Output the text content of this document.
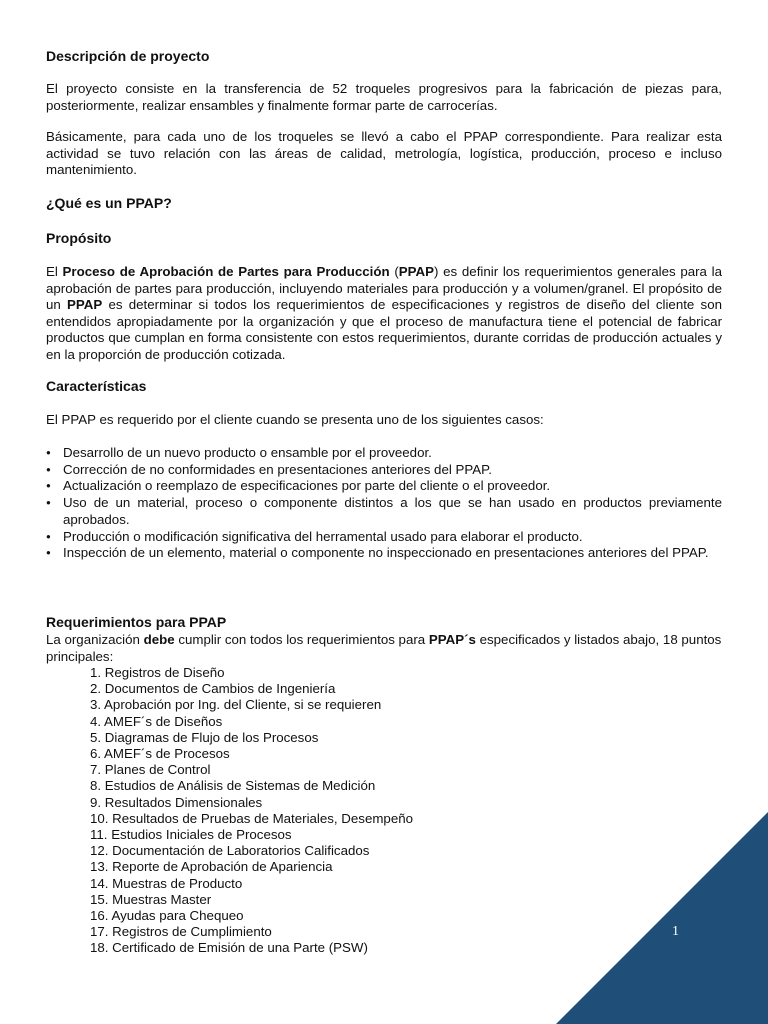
Descripción de proyecto

El proyecto consiste en la transferencia de 52 troqueles progresivos para la fabricación de piezas para, posteriormente, realizar ensambles y finalmente formar parte de carrocerías.

Básicamente, para cada uno de los troqueles se llevó a cabo el PPAP correspondiente. Para realizar esta actividad se tuvo relación con las áreas de calidad, metrología, logística, producción, proceso e incluso mantenimiento.

¿Qué es un PPAP?
Propósito

El Proceso de Aprobación de Partes para Producción (PPAP) es definir los requerimientos generales para la aprobación de partes para producción, incluyendo materiales para producción y a volumen/granel. El propósito de un PPAP es determinar si todos los requerimientos de especificaciones y registros de diseño del cliente son entendidos apropiadamente por la organización y que el proceso de manufactura tiene el potencial de fabricar productos que cumplan en forma consistente con estos requerimientos, durante corridas de producción actuales y en la proporción de producción cotizada.

Características

El PPAP es requerido por el cliente cuando se presenta uno de los siguientes casos:

● Desarrollo de un nuevo producto o ensamble por el proveedor.
● Corrección de no conformidades en presentaciones anteriores del PPAP.
● Actualización o reemplazo de especificaciones por parte del cliente o el proveedor.
● Uso de un material, proceso o componente distintos a los que se han usado en productos previamente aprobados.
● Producción o modificación significativa del herramental usado para elaborar el producto.
● Inspección de un elemento, material o componente no inspeccionado en presentaciones anteriores del PPAP.
Requerimientos para PPAP

La organización debe cumplir con todos los requerimientos para PPAP´s especificados y listados abajo, 18 puntos principales:

1. Registros de Diseño
2. Documentos de Cambios de Ingeniería
3. Aprobación por Ing. del Cliente, si se requieren
4. AMEF´s de Diseños
5. Diagramas de Flujo de los Procesos
6. AMEF´s de Procesos
7. Planes de Control
8. Estudios de Análisis de Sistemas de Medición
9. Resultados Dimensionales
10. Resultados de Pruebas de Materiales, Desempeño
11. Estudios Iniciales de Procesos
12. Documentación de Laboratorios Calificados
13. Reporte de Aprobación de Apariencia
14. Muestras de Producto
15. Muestras Master
16. Ayudas para Chequeo
17. Registros de Cumplimiento
18. Certificado de Emisión de una Parte (PSW)
1
